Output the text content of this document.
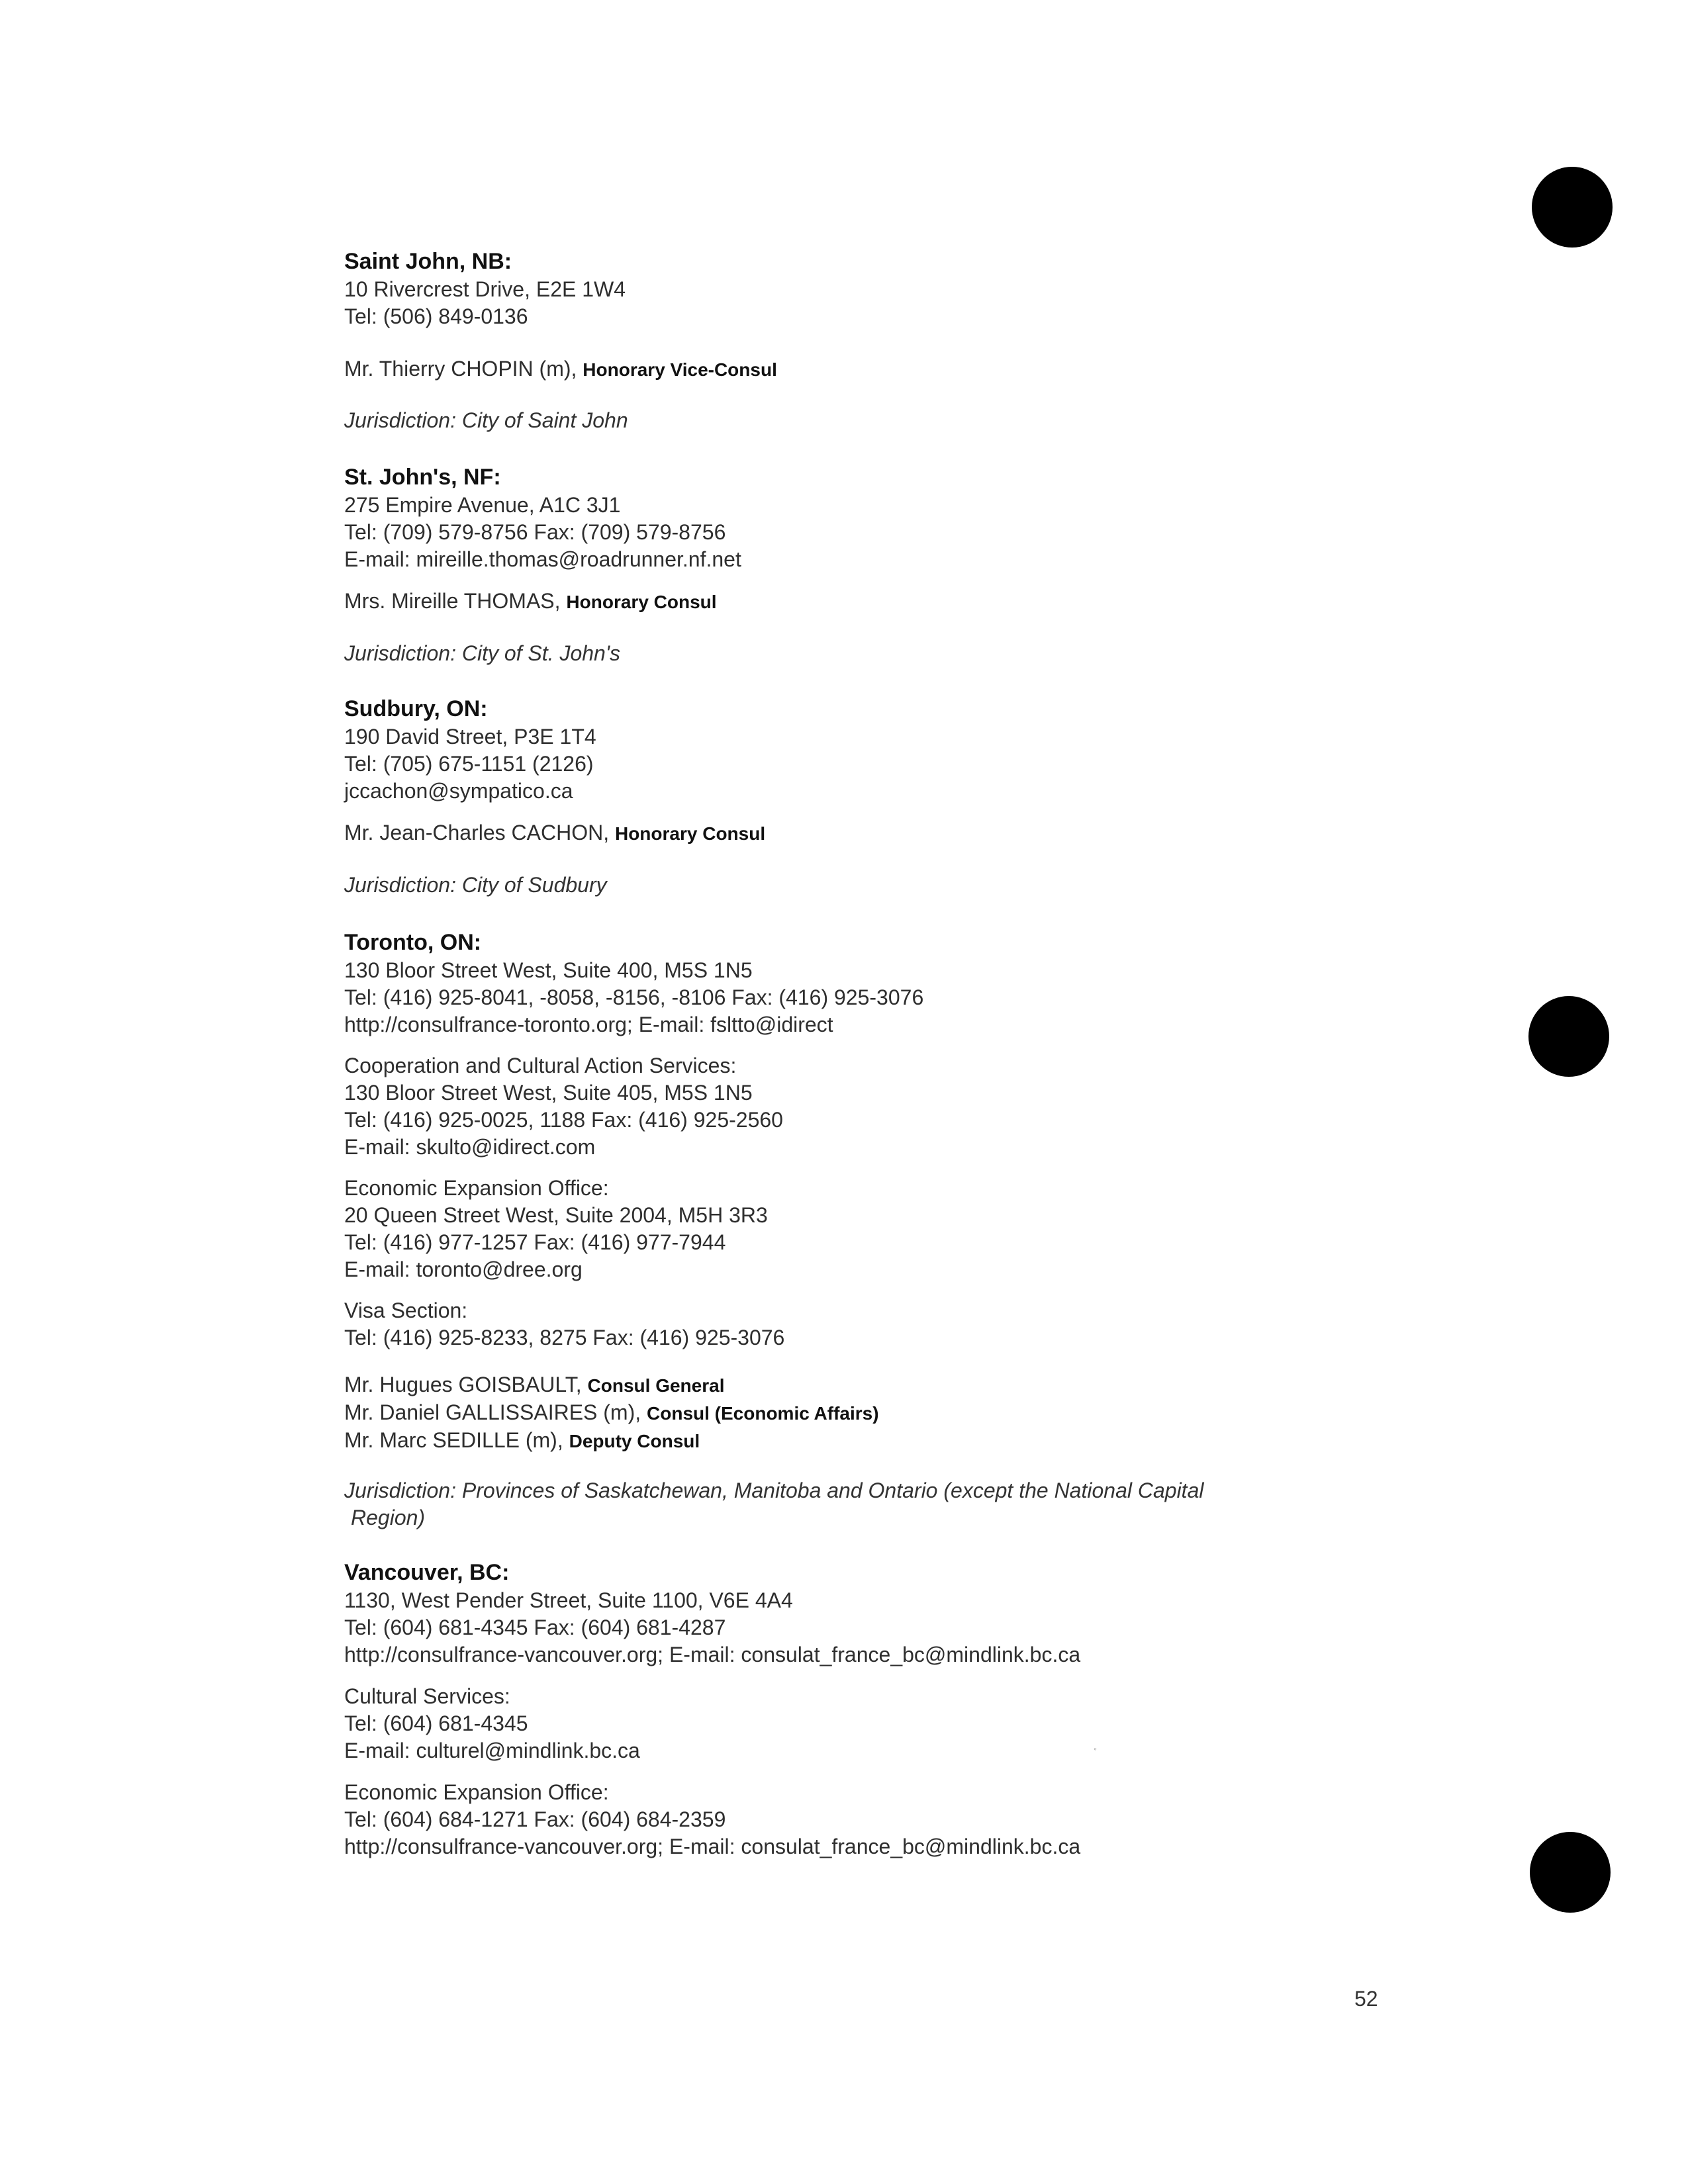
Saint John, NB:
10 Rivercrest Drive, E2E 1W4
Tel: (506) 849-0136
Mr. Thierry CHOPIN (m), Honorary Vice-Consul
Jurisdiction: City of Saint John
St. John's, NF:
275 Empire Avenue, A1C 3J1
Tel: (709) 579-8756 Fax: (709) 579-8756
E-mail: mireille.thomas@roadrunner.nf.net
Mrs. Mireille THOMAS, Honorary Consul
Jurisdiction: City of St. John's
Sudbury, ON:
190 David Street, P3E 1T4
Tel: (705) 675-1151 (2126)
jccachon@sympatico.ca
Mr. Jean-Charles CACHON, Honorary Consul
Jurisdiction: City of Sudbury
Toronto, ON:
130 Bloor Street West, Suite 400, M5S 1N5
Tel: (416) 925-8041, -8058, -8156, -8106 Fax: (416) 925-3076
http://consulfrance-toronto.org; E-mail: fsltto@idirect
Cooperation and Cultural Action Services:
130 Bloor Street West, Suite 405, M5S 1N5
Tel: (416) 925-0025, 1188 Fax: (416) 925-2560
E-mail: skulto@idirect.com
Economic Expansion Office:
20 Queen Street West, Suite 2004, M5H 3R3
Tel: (416) 977-1257 Fax: (416) 977-7944
E-mail: toronto@dree.org
Visa Section:
Tel: (416) 925-8233, 8275 Fax: (416) 925-3076
Mr. Hugues GOISBAULT, Consul General
Mr. Daniel GALLISSAIRES (m), Consul (Economic Affairs)
Mr. Marc SEDILLE (m), Deputy Consul
Jurisdiction: Provinces of Saskatchewan, Manitoba and Ontario (except the National Capital
Region)
Vancouver, BC:
1130, West Pender Street, Suite 1100, V6E 4A4
Tel: (604) 681-4345 Fax: (604) 681-4287
http://consulfrance-vancouver.org; E-mail: consulat_france_bc@mindlink.bc.ca
Cultural Services:
Tel: (604) 681-4345
E-mail: culturel@mindlink.bc.ca
Economic Expansion Office:
Tel: (604) 684-1271 Fax: (604) 684-2359
http://consulfrance-vancouver.org; E-mail: consulat_france_bc@mindlink.bc.ca
◦
52
